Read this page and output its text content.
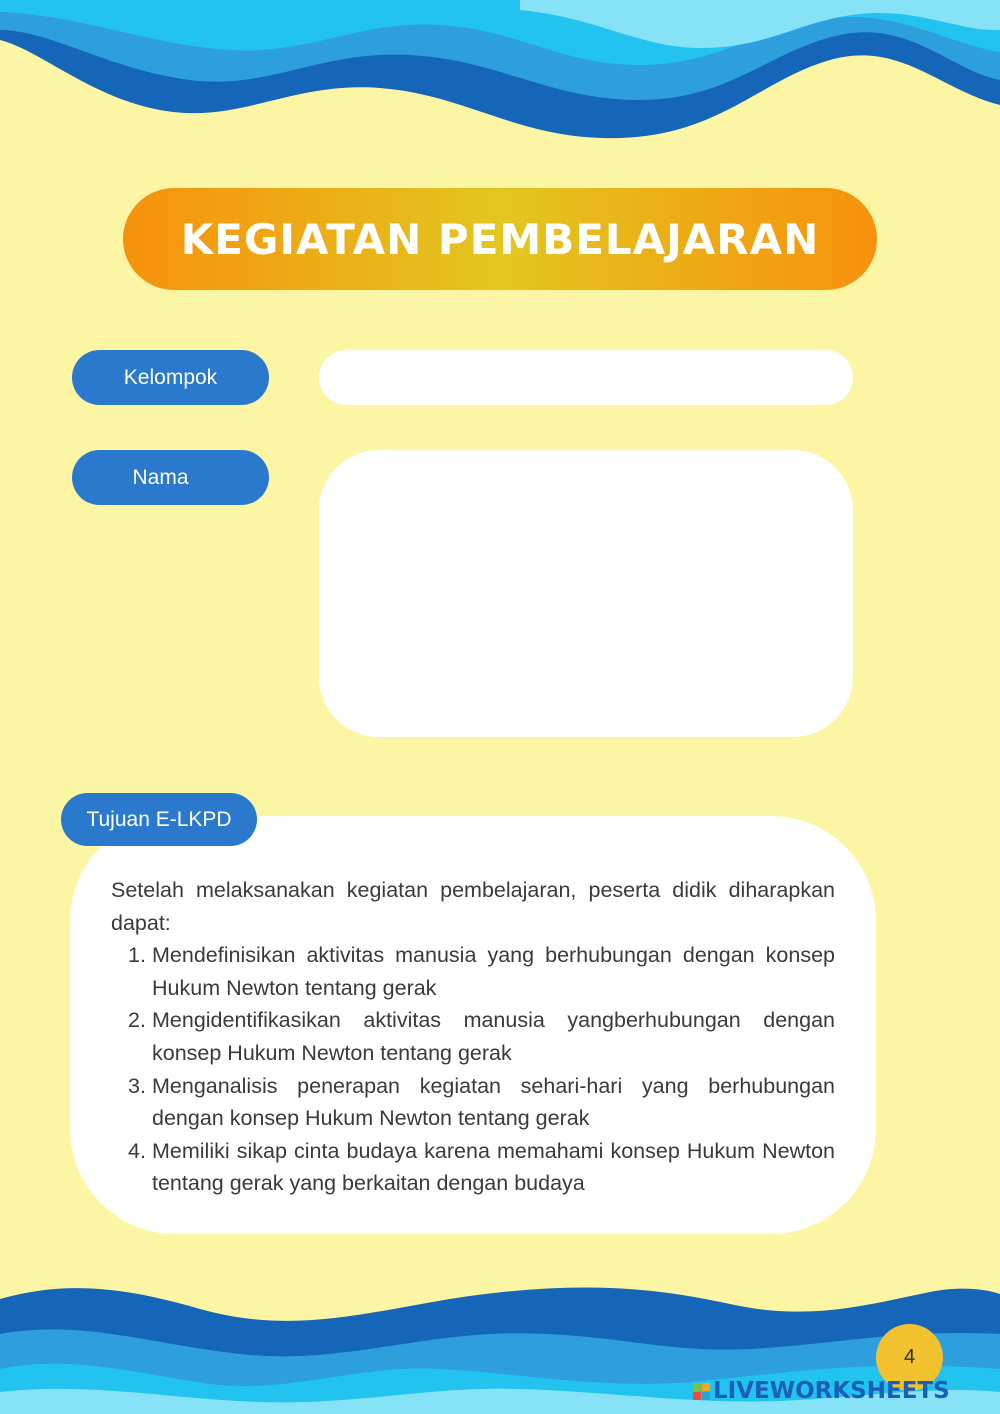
KEGIATAN PEMBELAJARAN
Kelompok
Nama
Tujuan E-LKPD

Setelah melaksanakan kegiatan pembelajaran, peserta didik diharapkan dapat:

1. Mendefinisikan aktivitas manusia yang berhubungan dengan konsep Hukum Newton tentang gerak
2. Mengidentifikasikan aktivitas manusia yangberhubungan dengan konsep Hukum Newton tentang gerak
3. Menganalisis penerapan kegiatan sehari-hari yang berhubungan dengan konsep Hukum Newton tentang gerak
4. Memiliki sikap cinta budaya karena memahami konsep Hukum Newton tentang gerak yang berkaitan dengan budaya
4
LIVEWORKSHEETS
